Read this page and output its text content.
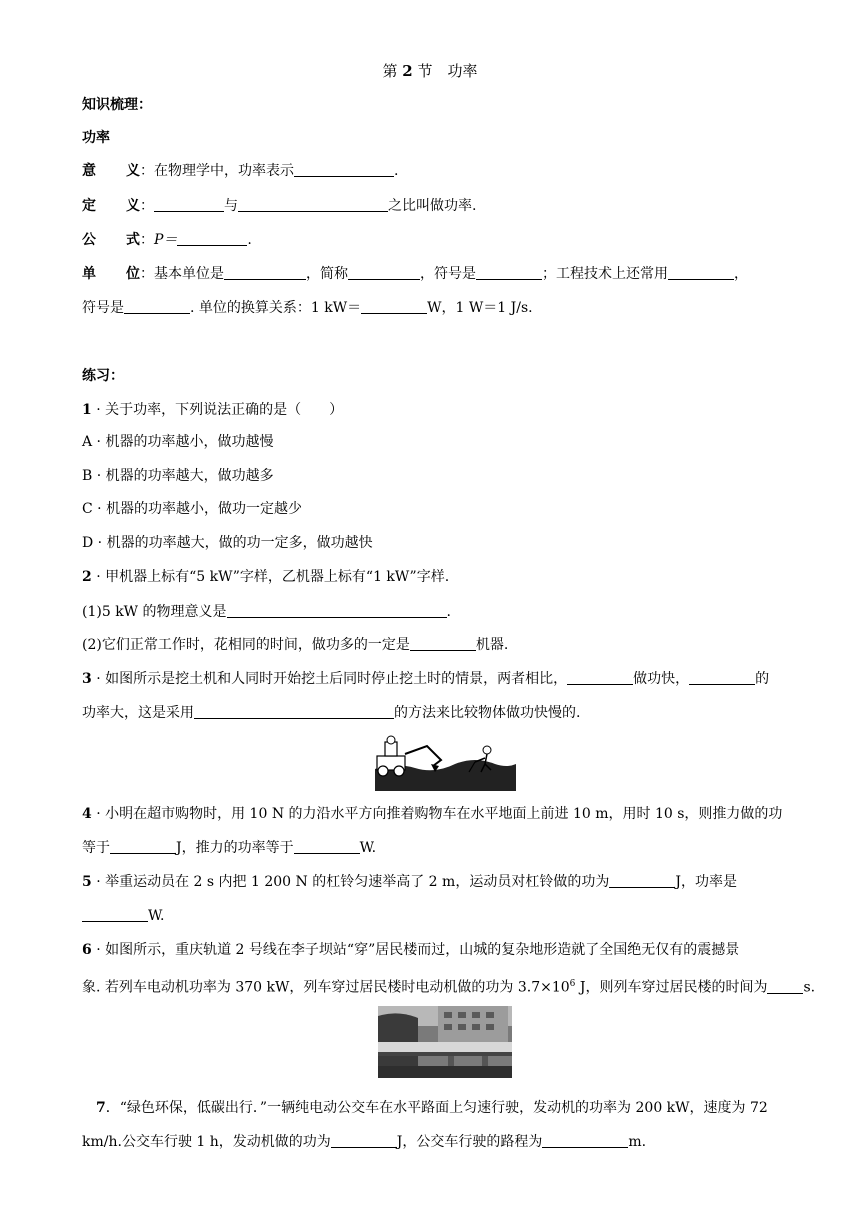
第 2 节　 功率
知识梳理：
功率
意 义：在物理学中，功率表示	.
定 义：	与	之比叫做功率.
公 式：P＝	.
单 位：基本单位是	，简称	，符号是	；工程技术上还常用	，
符号是	. 单位的换算关系：1 kW＝	W，1 W＝1 J/s.
练习：
1 · 关于功率，下列说法正确的是（　　）
A · 机器的功率越小，做功越慢
B · 机器的功率越大，做功越多
C · 机器的功率越小，做功一定越少
D · 机器的功率越大，做的功一定多，做功越快
2 · 甲机器上标有“5 kW”字样，乙机器上标有“1 kW”字样.
(1)5 kW 的物理意义是	.
(2)它们正常工作时，花相同的时间，做功多的一定是	机器.
3 · 如图所示是挖土机和人同时开始挖土后同时停止挖土时的情景，两者相比，	做功快，	的
功率大，这是采用	的方法来比较物体做功快慢的.
4 · 小明在超市购物时，用 10 N 的力沿水平方向推着购物车在水平地面上前进 10 m，用时 10 s，则推力做的功
等于	J，推力的功率等于	W.
5 · 举重运动员在 2 s 内把 1 200 N 的杠铃匀速举高了 2 m，运动员对杠铃做的功为	J，功率是
W.
6 · 如图所示，重庆轨道 2 号线在李子坝站“穿”居民楼而过，山城的复杂地形造就了全国绝无仅有的震撼景
象. 若列车电动机功率为 370 kW，列车穿过居民楼时电动机做的功为 $3.7\times 10^6$ J，则列车穿过居民楼的时间为	s.
7．“绿色环保，低碳出行．”一辆纯电动公交车在水平路面上匀速行驶，发动机的功率为 200 kW，速度为 72
km/h.公交车行驶 1 h，发动机做的功为	J，公交车行驶的路程为	m.
